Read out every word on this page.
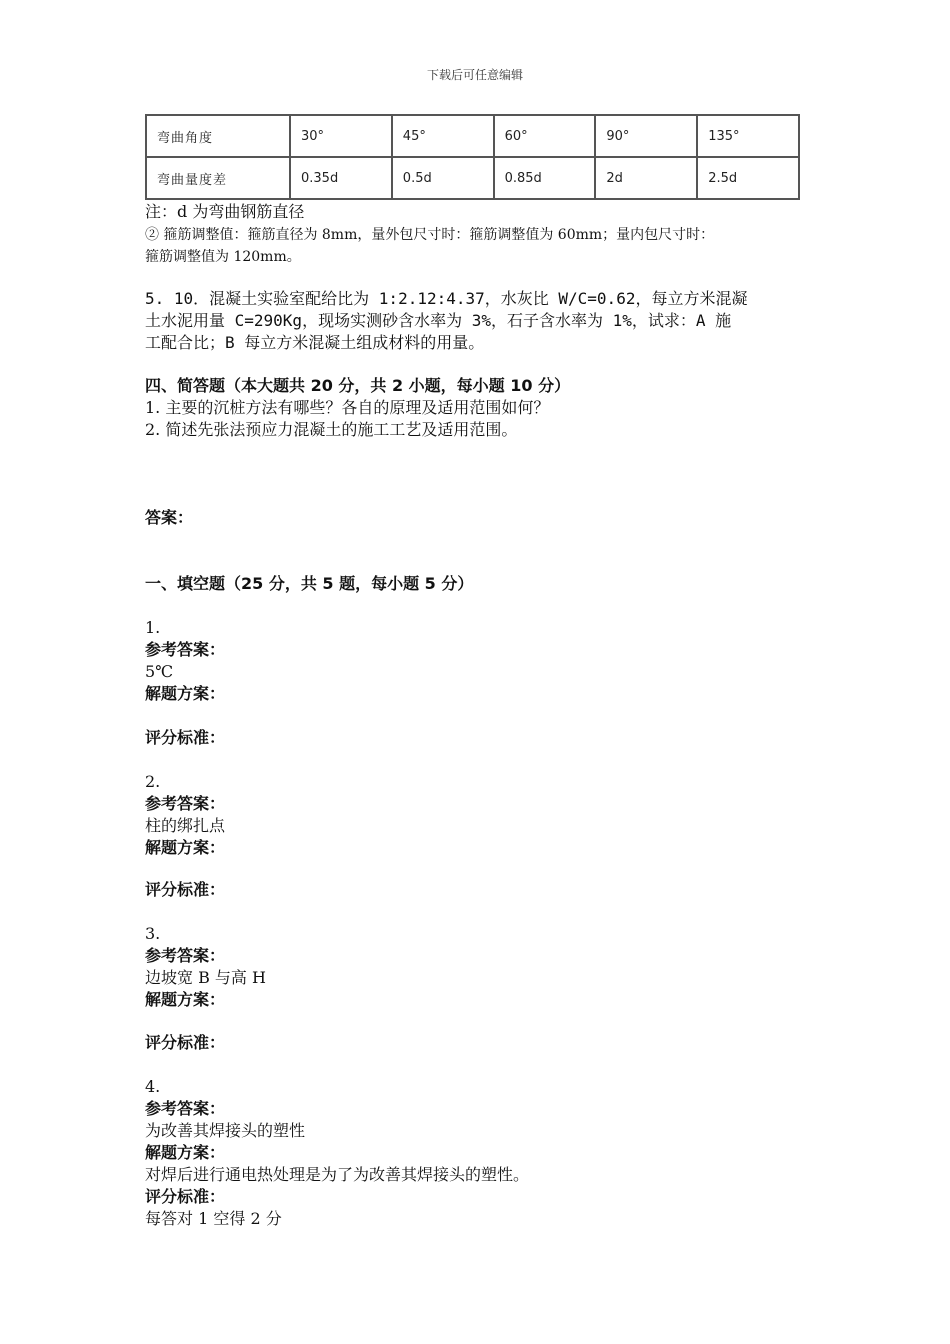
下载后可任意编辑
弯曲角度	30°	45°	60°	90°	135°
弯曲量度差	0.35d	0.5d	0.85d	2d	2.5d
注：d 为弯曲钢筋直径
② 箍筋调整值：箍筋直径为 8mm，量外包尺寸时：箍筋调整值为 60mm；量内包尺寸时：
箍筋调整值为 120mm。
5. 10．混凝土实验室配给比为 1:2.12:4.37，水灰比 W/C=0.62，每立方米混凝
土水泥用量 C=290Kg，现场实测砂含水率为 3%，石子含水率为 1%，试求：A 施
工配合比；B 每立方米混凝土组成材料的用量。
四、简答题（本大题共 20 分，共 2 小题，每小题 10 分）
1. 主要的沉桩方法有哪些？各自的原理及适用范围如何？
2. 简述先张法预应力混凝土的施工工艺及适用范围。
答案：
一、填空题（25 分，共 5 题，每小题 5 分）
1.
参考答案：
5℃
解题方案：
评分标准：
2.
参考答案：
柱的绑扎点
解题方案：
评分标准：
3.
参考答案：
边坡宽 B 与高 H
解题方案：
评分标准：
4.
参考答案：
为改善其焊接头的塑性
解题方案：
对焊后进行通电热处理是为了为改善其焊接头的塑性。
评分标准：
每答对 1 空得 2 分
